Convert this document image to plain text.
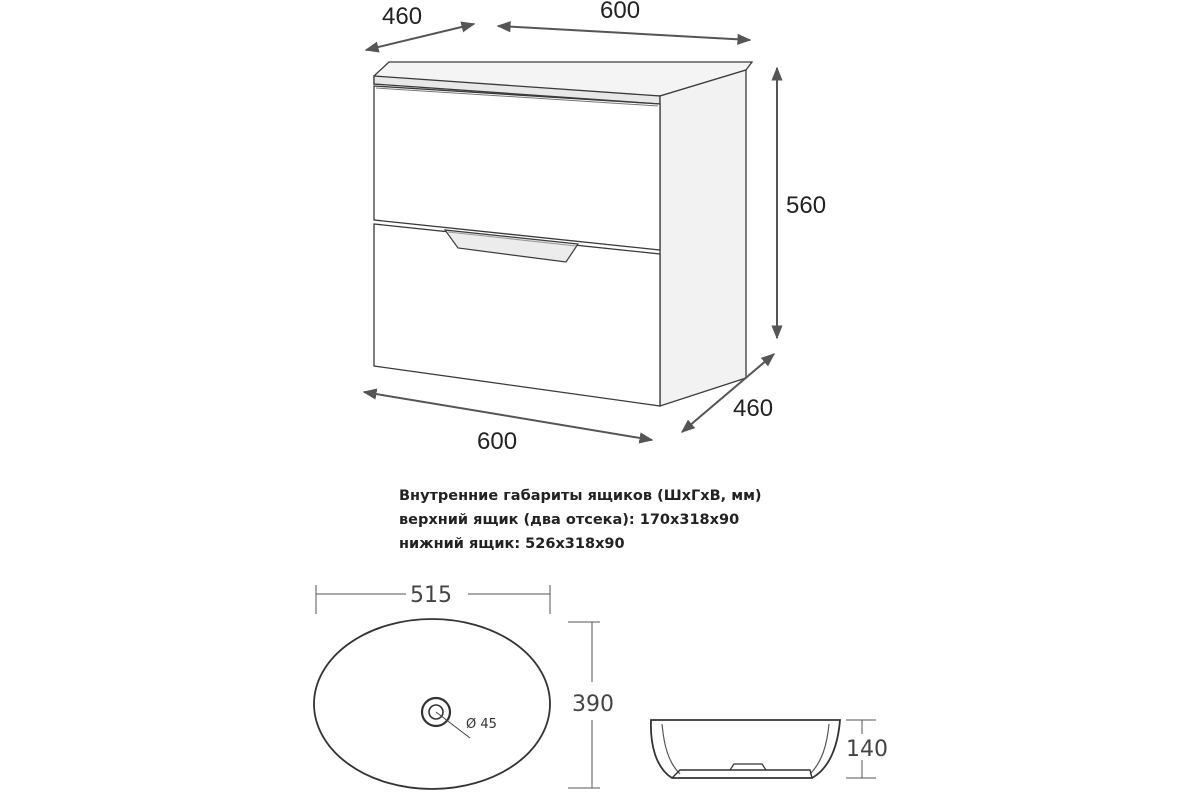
460	600
560
460
600
Ø 45
515
390
140
Внутренние габариты ящиков (ШхГхВ, мм)
верхний ящик (два отсека): 170x318x90
нижний ящик: 526x318x90
